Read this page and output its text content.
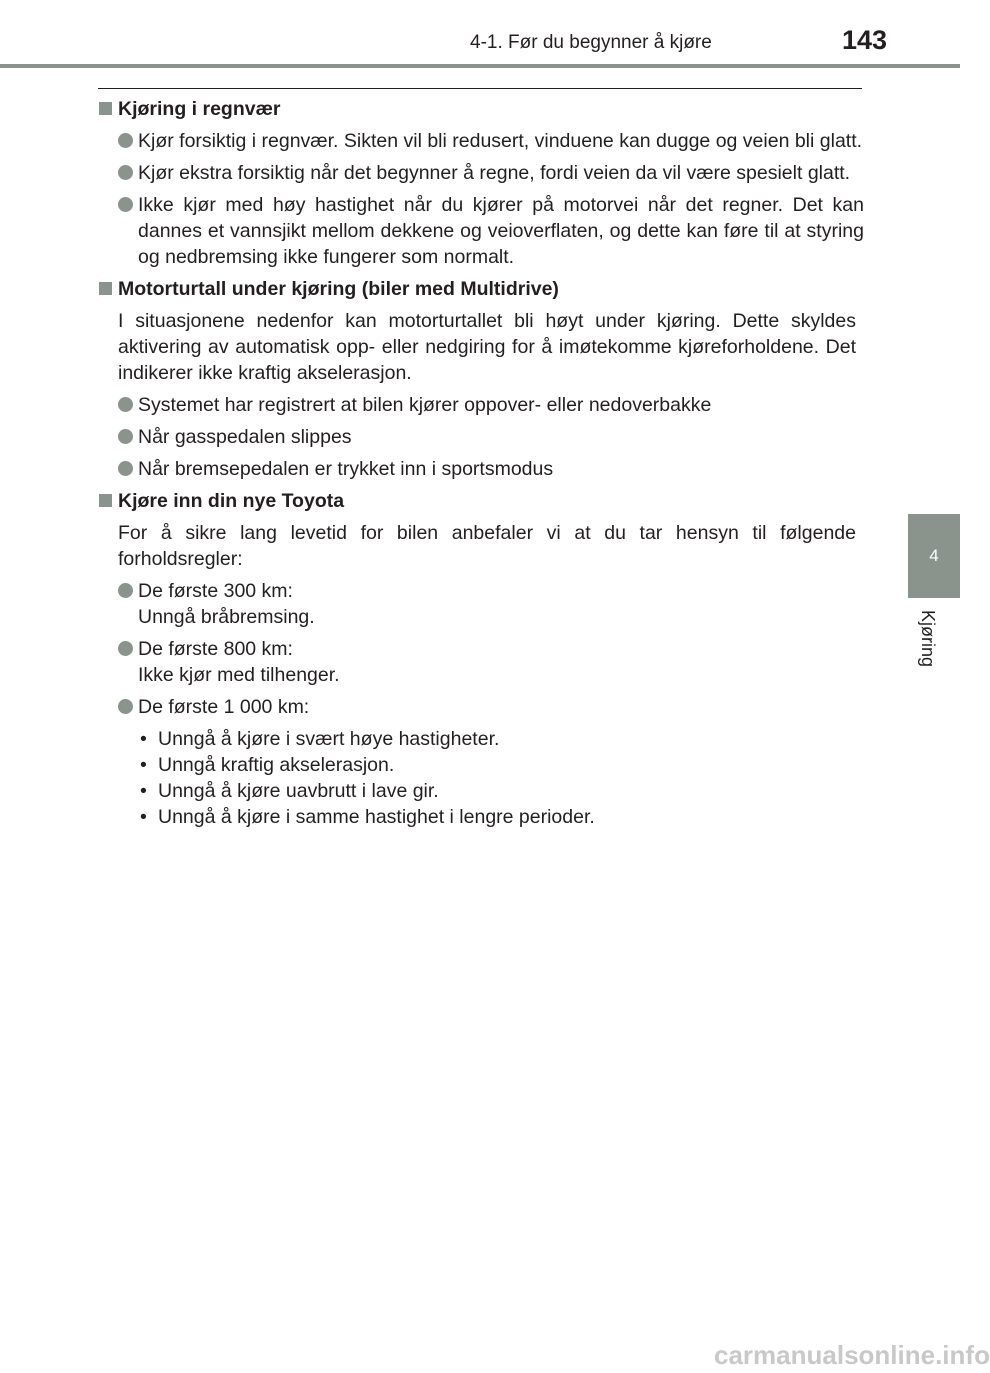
4-1. Før du begynner å kjøre	143
4
Kjøring
Kjøring i regnvær
Kjør forsiktig i regnvær. Sikten vil bli redusert, vinduene kan dugge og veien bli glatt.
Kjør ekstra forsiktig når det begynner å regne, fordi veien da vil være spesielt glatt.
Ikke kjør med høy hastighet når du kjører på motorvei når det regner. Det kan dannes et vannsjikt mellom dekkene og veioverflaten, og dette kan føre til at styring og nedbremsing ikke fungerer som normalt.
Motorturtall under kjøring (biler med Multidrive)
I situasjonene nedenfor kan motorturtallet bli høyt under kjøring. Dette skyldes aktivering av automatisk opp- eller nedgiring for å imøtekomme kjøreforholdene. Det indikerer ikke kraftig akselerasjon.
Systemet har registrert at bilen kjører oppover- eller nedoverbakke
Når gasspedalen slippes
Når bremsepedalen er trykket inn i sportsmodus
Kjøre inn din nye Toyota
For å sikre lang levetid for bilen anbefaler vi at du tar hensyn til følgende forholdsregler:
De første 300 km:
Unngå bråbremsing.
De første 800 km:
Ikke kjør med tilhenger.
De første 1 000 km:
• Unngå å kjøre i svært høye hastigheter.
• Unngå kraftig akselerasjon.
• Unngå å kjøre uavbrutt i lave gir.
• Unngå å kjøre i samme hastighet i lengre perioder.
carmanualsonline.info
